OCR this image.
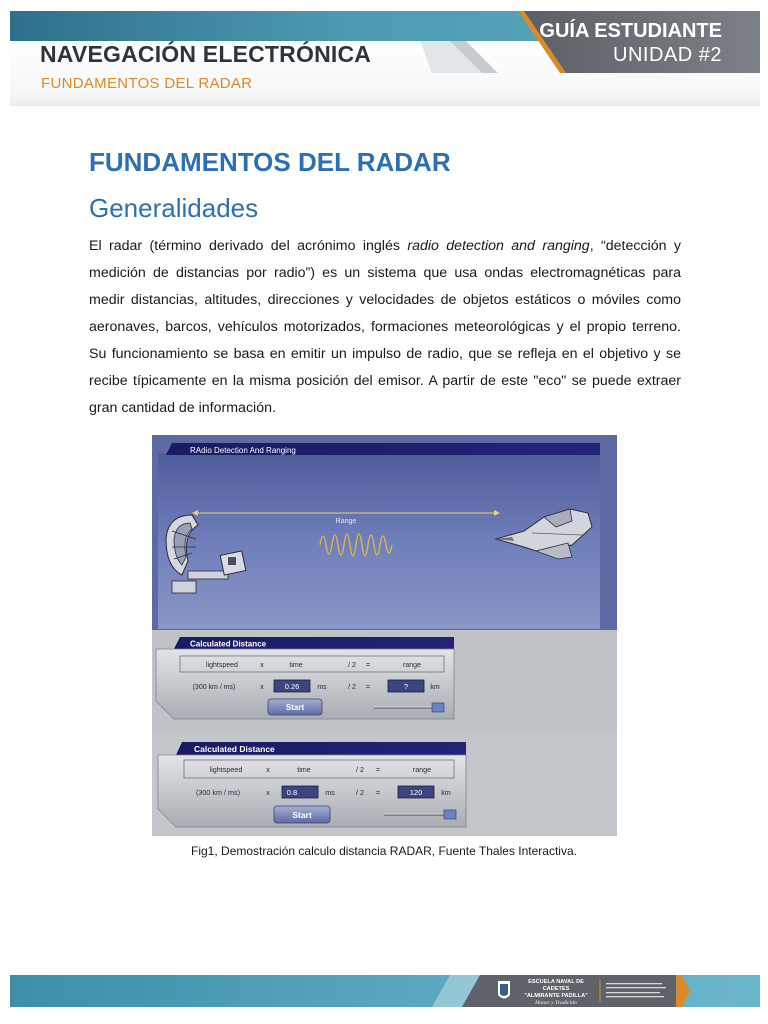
NAVEGACIÓN ELECTRÓNICA
FUNDAMENTOS DEL RADAR
GUÍA ESTUDIANTE
UNIDAD #2
FUNDAMENTOS DEL RADAR
Generalidades

El radar (término derivado del acrónimo inglés radio detection and ranging, “detección y medición de distancias por radio”) es un sistema que usa ondas electromagnéticas para medir distancias, altitudes, direcciones y velocidades de objetos estáticos o móviles como aeronaves, barcos, vehículos motorizados, formaciones meteorológicas y el propio terreno. Su funcionamiento se basa en emitir un impulso de radio, que se refleja en el objetivo y se recibe típicamente en la misma posición del emisor. A partir de este "eco" se puede extraer gran cantidad de información.

RAdio Detection And Ranging
Range
Calculated Distance
lightspeed	x	time	/ 2 =	range
(300 km / ms)	x	0.26	ms	/ 2 =	?	km
Start
Calculated Distance
lightspeed	x	time	/ 2 =	range
(300 km / ms)	x 0.8	ms	/ 2 =	120	km
Start
Fig1, Demostración calculo distancia RADAR, Fuente Thales Interactiva.
ESCUELA NAVAL DE CADETES
"ALMIRANTE PADILLA"
Honor y Tradición
